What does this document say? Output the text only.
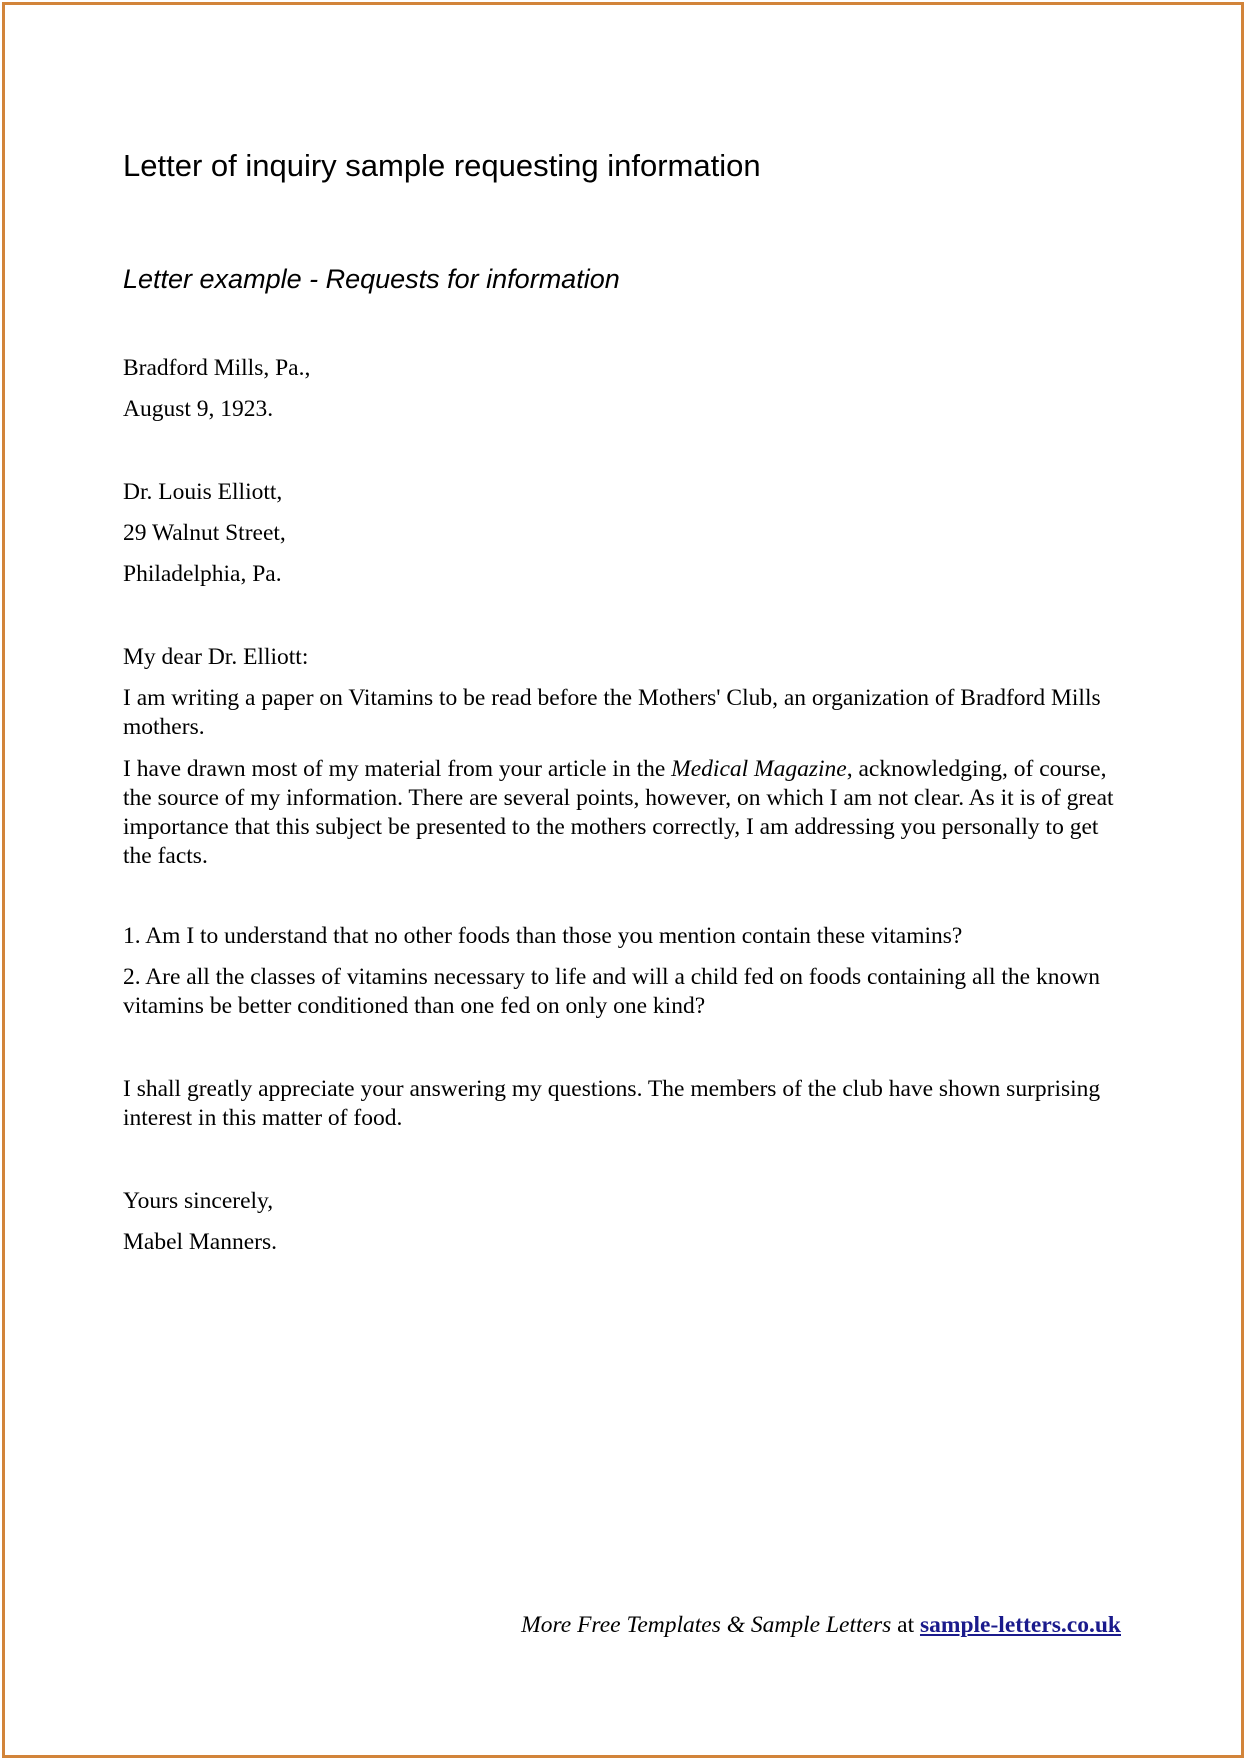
Letter of inquiry sample requesting information
Letter example - Requests for information
Bradford Mills, Pa.,
August 9, 1923.
Dr. Louis Elliott,
29 Walnut Street,
Philadelphia, Pa.
My dear Dr. Elliott:

I am writing a paper on Vitamins to be read before the Mothers' Club, an organization of Bradford Mills mothers.

I have drawn most of my material from your article in the Medical Magazine, acknowledging, of course, the source of my information. There are several points, however, on which I am not clear. As it is of great importance that this subject be presented to the mothers correctly, I am addressing you personally to get the facts.

1. Am I to understand that no other foods than those you mention contain these vitamins?

2. Are all the classes of vitamins necessary to life and will a child fed on foods containing all the known vitamins be better conditioned than one fed on only one kind?

I shall greatly appreciate your answering my questions. The members of the club have shown surprising interest in this matter of food.

Yours sincerely,
Mabel Manners.
More Free Templates & Sample Letters at sample-letters.co.uk
